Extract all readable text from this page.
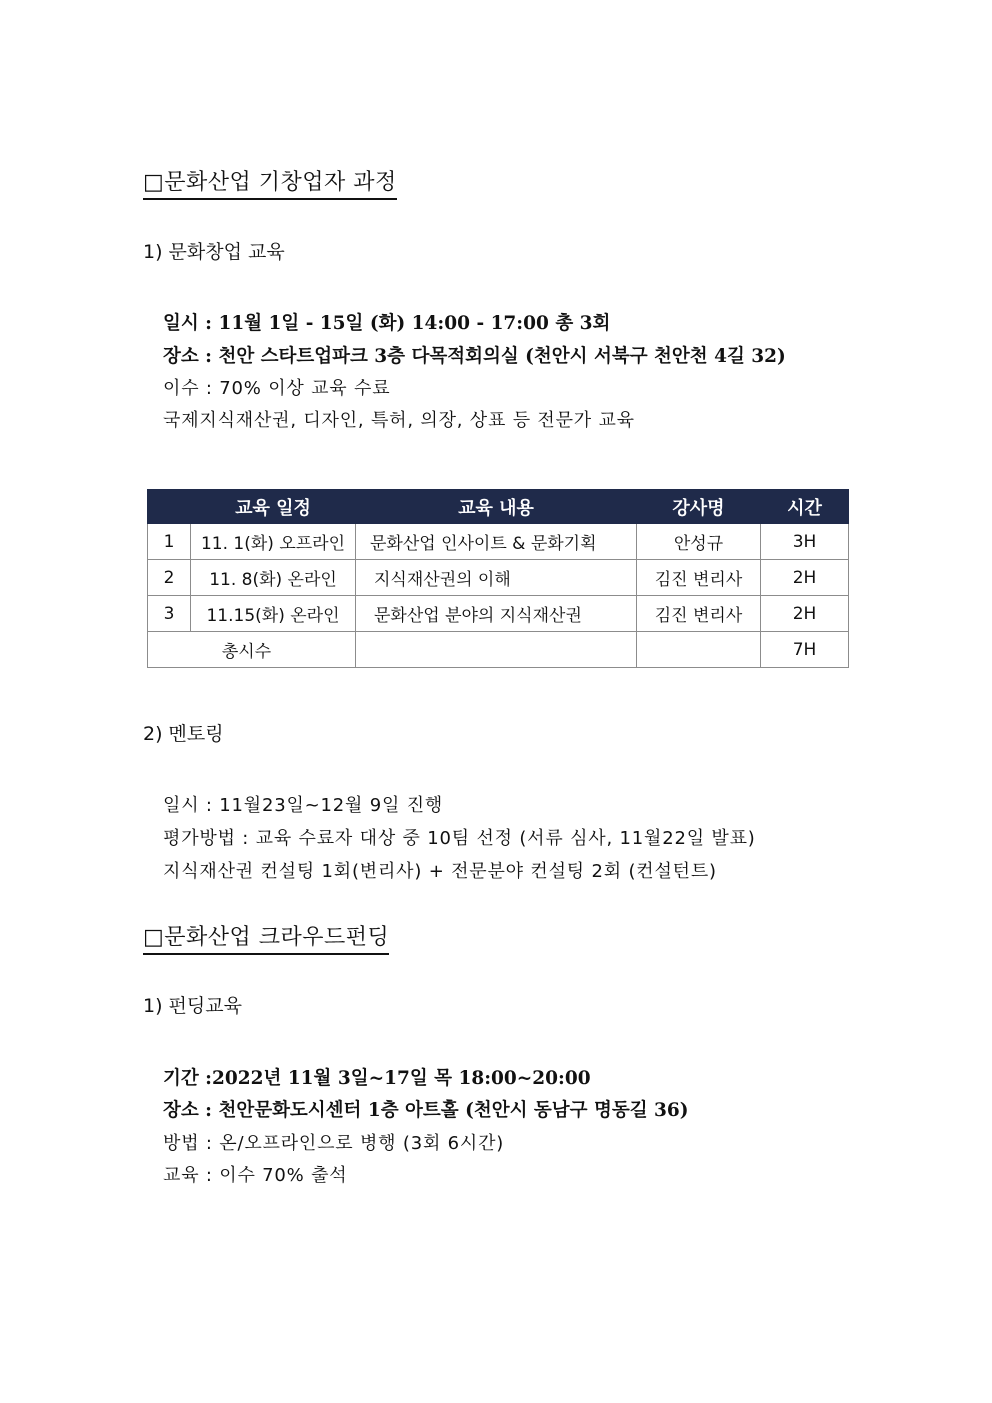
□문화산업 기창업자 과정
1) 문화창업 교육
일시 : 11월 1일 - 15일 (화) 14:00 - 17:00 총 3회
장소 : 천안 스타트업파크 3층 다목적회의실 (천안시 서북구 천안천 4길 32)
이수 : 70% 이상 교육 수료
국제지식재산권, 디자인, 특허, 의장, 상표 등 전문가 교육
	교육 일정	교육 내용	강사명	시간
1	11. 1(화) 오프라인	문화산업 인사이트 & 문화기획	안성규	3H
2	11. 8(화) 온라인	지식재산권의 이해	김진 변리사	2H
3	11.15(화) 온라인	문화산업 분야의 지식재산권	김진 변리사	2H
총시수				7H
2) 멘토링
일시 : 11월23일~12월 9일 진행
평가방법 : 교육 수료자 대상 중 10팀 선정 (서류 심사, 11월22일 발표)
지식재산권 컨설팅 1회(변리사) + 전문분야 컨설팅 2회 (컨설턴트)
□문화산업 크라우드펀딩
1) 펀딩교육
기간 :2022년 11월 3일~17일 목 18:00~20:00
장소 : 천안문화도시센터 1층 아트홀 (천안시 동남구 명동길 36)
방법 : 온/오프라인으로 병행 (3회 6시간)
교육 : 이수 70% 출석
